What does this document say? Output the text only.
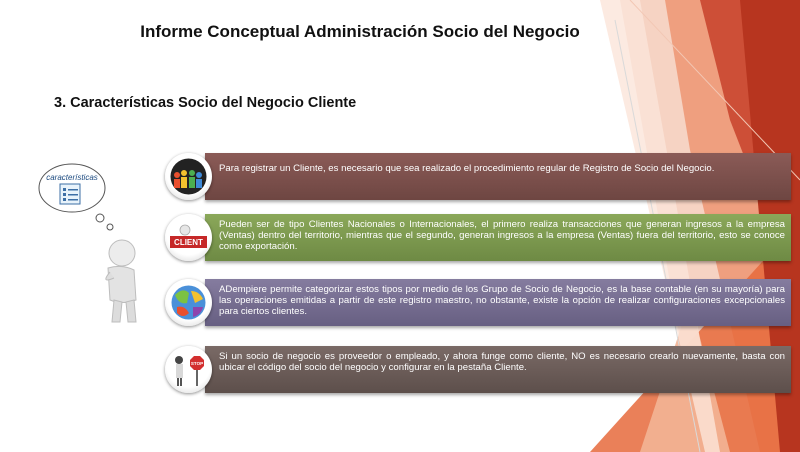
Informe Conceptual Administración Socio del Negocio
3. Características Socio del Negocio Cliente
características
Para registrar un Cliente, es necesario que sea realizado el procedimiento regular de Registro de Socio del Negocio.
Pueden ser de tipo Clientes Nacionales o Internacionales, el primero realiza transacciones que generan ingresos a la empresa (Ventas) dentro del territorio, mientras que el segundo, generan ingresos a la empresa (Ventas) fuera del territorio, esto se conoce como exportación.
CLIENT
ADempiere permite categorizar estos tipos por medio de los Grupo de Socio de Negocio, es la base contable (en su mayoría) para las operaciones emitidas a partir de este registro maestro, no obstante, existe la opción de realizar configuraciones excepcionales para ciertos clientes.
Si un socio de negocio es proveedor o empleado, y ahora funge como cliente, NO es necesario crearlo nuevamente, basta con ubicar el código del socio del negocio y configurar en la pestaña Cliente.
STOP
